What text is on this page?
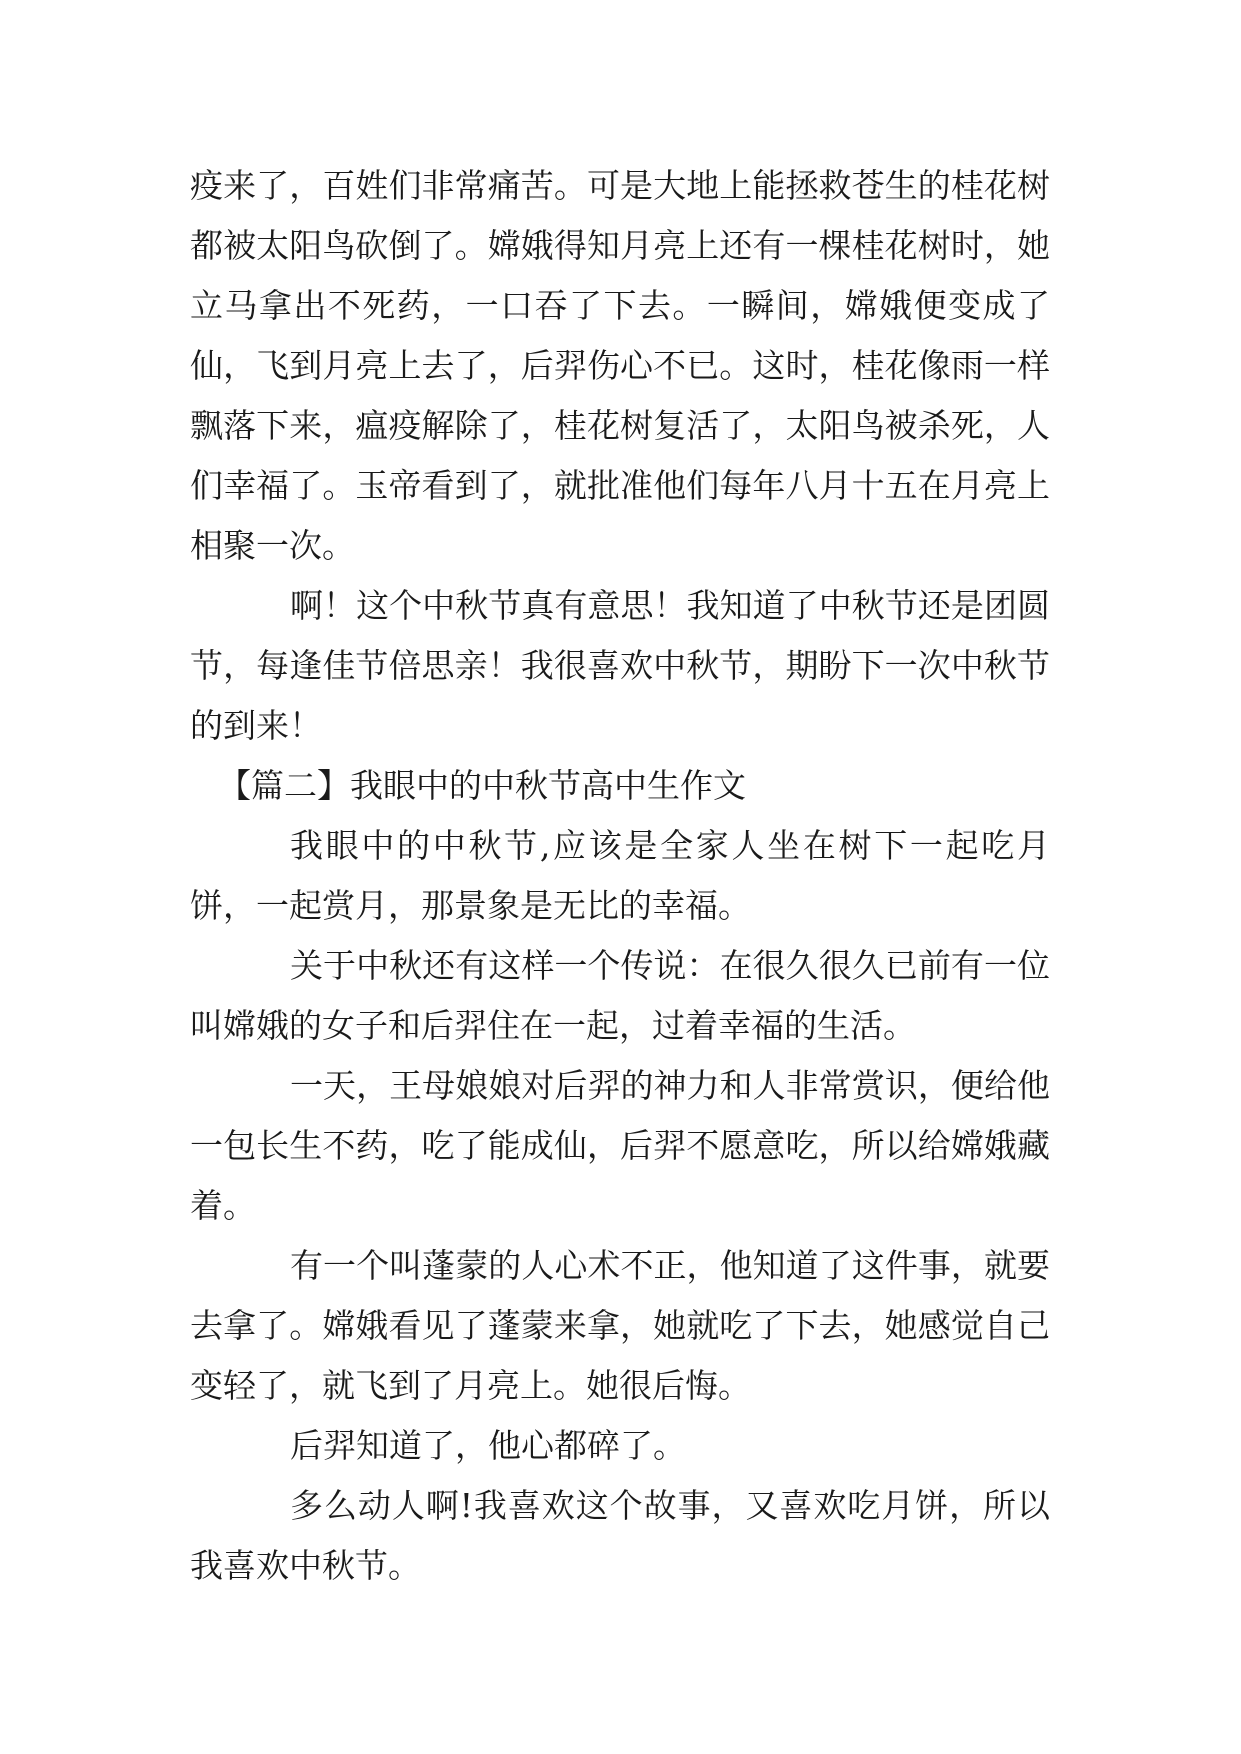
疫来了，百姓们非常痛苦。可是大地上能拯救苍生的桂花树都被太阳鸟砍倒了。嫦娥得知月亮上还有一棵桂花树时，她立马拿出不死药，一口吞了下去。一瞬间，嫦娥便变成了仙，飞到月亮上去了，后羿伤心不已。这时，桂花像雨一样飘落下来，瘟疫解除了，桂花树复活了，太阳鸟被杀死，人们幸福了。玉帝看到了，就批准他们每年八月十五在月亮上相聚一次。

啊！这个中秋节真有意思！我知道了中秋节还是团圆节，每逢佳节倍思亲！我很喜欢中秋节，期盼下一次中秋节的到来！

【篇二】我眼中的中秋节高中生作文

我眼中的中秋节,应该是全家人坐在树下一起吃月饼，一起赏月，那景象是无比的幸福。

关于中秋还有这样一个传说：在很久很久已前有一位叫嫦娥的女子和后羿住在一起，过着幸福的生活。

一天，王母娘娘对后羿的神力和人非常赏识，便给他一包长生不药，吃了能成仙，后羿不愿意吃，所以给嫦娥藏着。

有一个叫蓬蒙的人心术不正，他知道了这件事，就要去拿了。嫦娥看见了蓬蒙来拿，她就吃了下去，她感觉自己变轻了，就飞到了月亮上。她很后悔。

后羿知道了，他心都碎了。

多么动人啊!我喜欢这个故事，又喜欢吃月饼，所以我喜欢中秋节。
